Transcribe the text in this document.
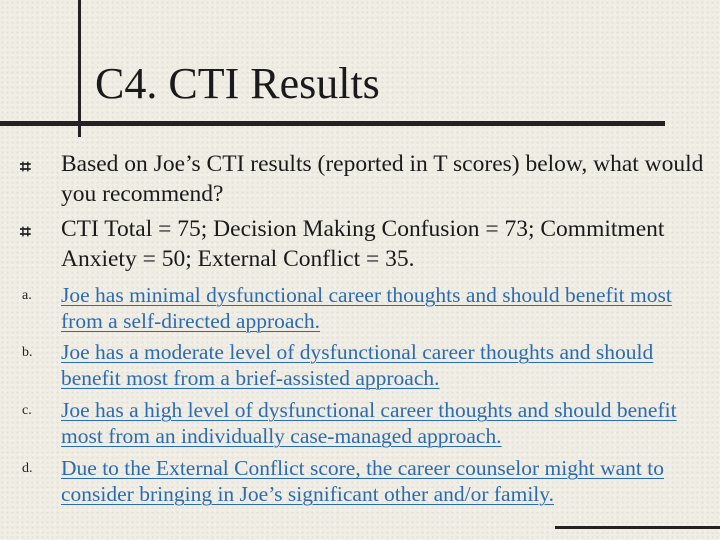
C4. CTI Results
⌗ Based on Joe’s CTI results (reported in T scores) below, what would you recommend?

⌗ CTI Total = 75; Decision Making Confusion = 73; Commitment Anxiety = 50; External Conflict = 35.

a. Joe has minimal dysfunctional career thoughts and should benefit most from a self-directed approach.

b. Joe has a moderate level of dysfunctional career thoughts and should benefit most from a brief-assisted approach.

c. Joe has a high level of dysfunctional career thoughts and should benefit most from an individually case-managed approach.

d. Due to the External Conflict score, the career counselor might want to consider bringing in Joe’s significant other and/or family.
